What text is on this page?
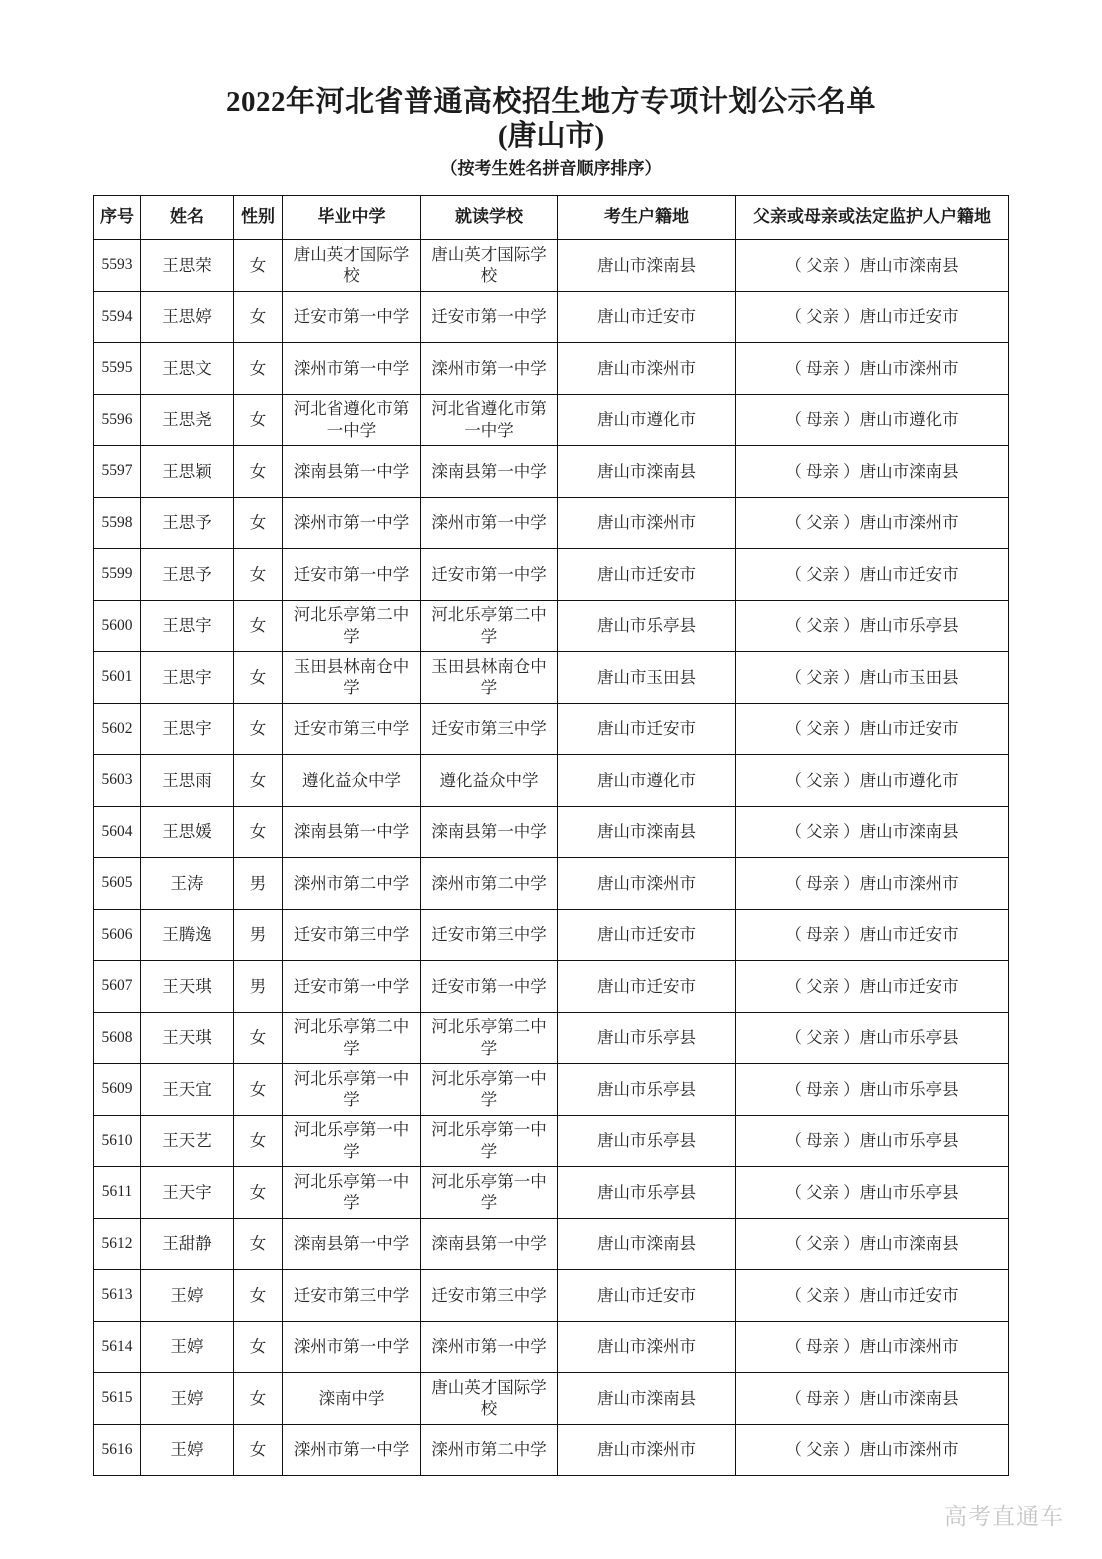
2022年河北省普通高校招生地方专项计划公示名单
(唐山市)
（按考生姓名拼音顺序排序）
序号	姓名	性别	毕业中学	就读学校	考生户籍地	父亲或母亲或法定监护人户籍地
5593	王思荣	女	唐山英才国际学校	唐山英才国际学校	唐山市滦南县	（ 父亲 ）唐山市滦南县
5594	王思婷	女	迁安市第一中学	迁安市第一中学	唐山市迁安市	（ 父亲 ）唐山市迁安市
5595	王思文	女	滦州市第一中学	滦州市第一中学	唐山市滦州市	（ 母亲 ）唐山市滦州市
5596	王思尧	女	河北省遵化市第一中学	河北省遵化市第一中学	唐山市遵化市	（ 母亲 ）唐山市遵化市
5597	王思颖	女	滦南县第一中学	滦南县第一中学	唐山市滦南县	（ 母亲 ）唐山市滦南县
5598	王思予	女	滦州市第一中学	滦州市第一中学	唐山市滦州市	（ 父亲 ）唐山市滦州市
5599	王思予	女	迁安市第一中学	迁安市第一中学	唐山市迁安市	（ 父亲 ）唐山市迁安市
5600	王思宇	女	河北乐亭第二中学	河北乐亭第二中学	唐山市乐亭县	（ 父亲 ）唐山市乐亭县
5601	王思宇	女	玉田县林南仓中学	玉田县林南仓中学	唐山市玉田县	（ 父亲 ）唐山市玉田县
5602	王思宇	女	迁安市第三中学	迁安市第三中学	唐山市迁安市	（ 父亲 ）唐山市迁安市
5603	王思雨	女	遵化益众中学	遵化益众中学	唐山市遵化市	（ 父亲 ）唐山市遵化市
5604	王思媛	女	滦南县第一中学	滦南县第一中学	唐山市滦南县	（ 父亲 ）唐山市滦南县
5605	王涛	男	滦州市第二中学	滦州市第二中学	唐山市滦州市	（ 母亲 ）唐山市滦州市
5606	王腾逸	男	迁安市第三中学	迁安市第三中学	唐山市迁安市	（ 母亲 ）唐山市迁安市
5607	王天琪	男	迁安市第一中学	迁安市第一中学	唐山市迁安市	（ 父亲 ）唐山市迁安市
5608	王天琪	女	河北乐亭第二中学	河北乐亭第二中学	唐山市乐亭县	（ 父亲 ）唐山市乐亭县
5609	王天宜	女	河北乐亭第一中学	河北乐亭第一中学	唐山市乐亭县	（ 母亲 ）唐山市乐亭县
5610	王天艺	女	河北乐亭第一中学	河北乐亭第一中学	唐山市乐亭县	（ 母亲 ）唐山市乐亭县
5611	王天宇	女	河北乐亭第一中学	河北乐亭第一中学	唐山市乐亭县	（ 父亲 ）唐山市乐亭县
5612	王甜静	女	滦南县第一中学	滦南县第一中学	唐山市滦南县	（ 父亲 ）唐山市滦南县
5613	王婷	女	迁安市第三中学	迁安市第三中学	唐山市迁安市	（ 父亲 ）唐山市迁安市
5614	王婷	女	滦州市第一中学	滦州市第一中学	唐山市滦州市	（ 母亲 ）唐山市滦州市
5615	王婷	女	滦南中学	唐山英才国际学校	唐山市滦南县	（ 母亲 ）唐山市滦南县
5616	王婷	女	滦州市第一中学	滦州市第二中学	唐山市滦州市	（ 父亲 ）唐山市滦州市
高考直通车
